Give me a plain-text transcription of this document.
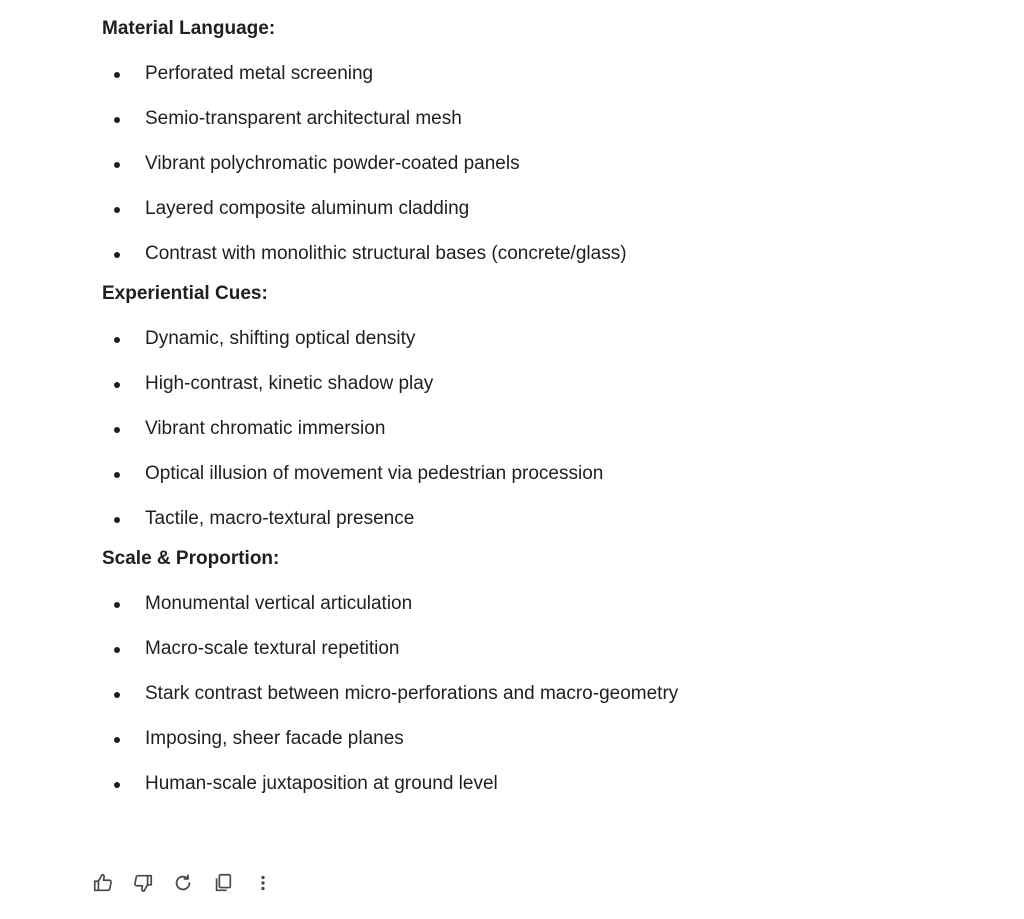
Material Language:
Perforated metal screening
Semio-transparent architectural mesh
Vibrant polychromatic powder-coated panels
Layered composite aluminum cladding
Contrast with monolithic structural bases (concrete/glass)
Experiential Cues:
Dynamic, shifting optical density
High-contrast, kinetic shadow play
Vibrant chromatic immersion
Optical illusion of movement via pedestrian procession
Tactile, macro-textural presence
Scale & Proportion:
Monumental vertical articulation
Macro-scale textural repetition
Stark contrast between micro-perforations and macro-geometry
Imposing, sheer facade planes
Human-scale juxtaposition at ground level
